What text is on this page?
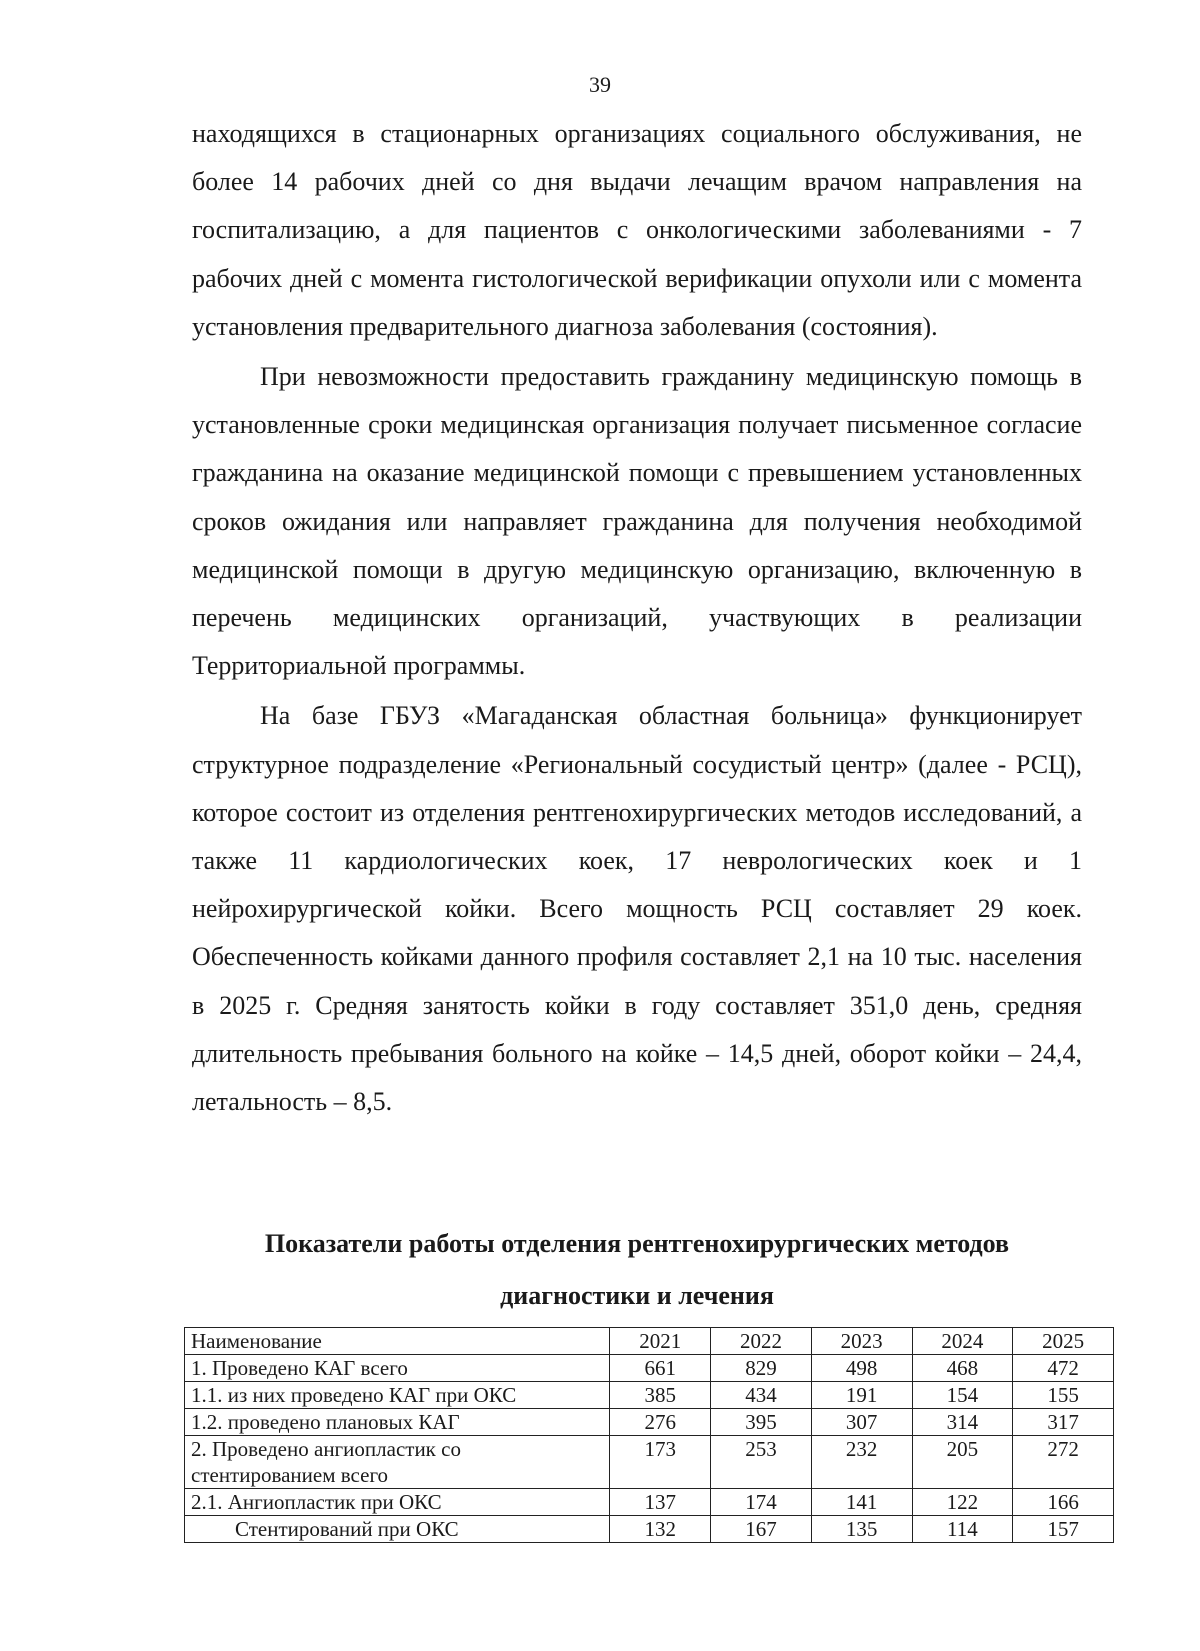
39

находящихся в стационарных организациях социального обслуживания, не более 14 рабочих дней со дня выдачи лечащим врачом направления на госпитализацию, а для пациентов с онкологическими заболеваниями - 7 рабочих дней с момента гистологической верификации опухоли или с момента установления предварительного диагноза заболевания (состояния).

При невозможности предоставить гражданину медицинскую помощь в установленные сроки медицинская организация получает письменное согласие гражданина на оказание медицинской помощи с превышением установленных сроков ожидания или направляет гражданина для получения необходимой медицинской помощи в другую медицинскую организацию, включенную в перечень медицинских организаций, участвующих в реализации Территориальной программы.

На базе ГБУЗ «Магаданская областная больница» функционирует структурное подразделение «Региональный сосудистый центр» (далее - РСЦ), которое состоит из отделения рентгенохирургических методов исследований, а также 11 кардиологических коек, 17 неврологических коек и 1 нейрохирургической койки. Всего мощность РСЦ составляет 29 коек. Обеспеченность койками данного профиля составляет 2,1 на 10 тыс. населения в 2025 г. Средняя занятость койки в году составляет 351,0 день, средняя длительность пребывания больного на койке – 14,5 дней, оборот койки – 24,4, летальность – 8,5.

Показатели работы отделения рентгенохирургических методов
диагностики и лечения
Наименование	2021	2022	2023	2024	2025
1. Проведено КАГ всего	661	829	498	468	472
1.1. из них проведено КАГ при ОКС	385	434	191	154	155
1.2. проведено плановых КАГ	276	395	307	314	317
2. Проведено ангиопластик со стентированием всего	173	253	232	205	272
2.1. Ангиопластик при ОКС	137	174	141	122	166
Стентирований при ОКС	132	167	135	114	157
